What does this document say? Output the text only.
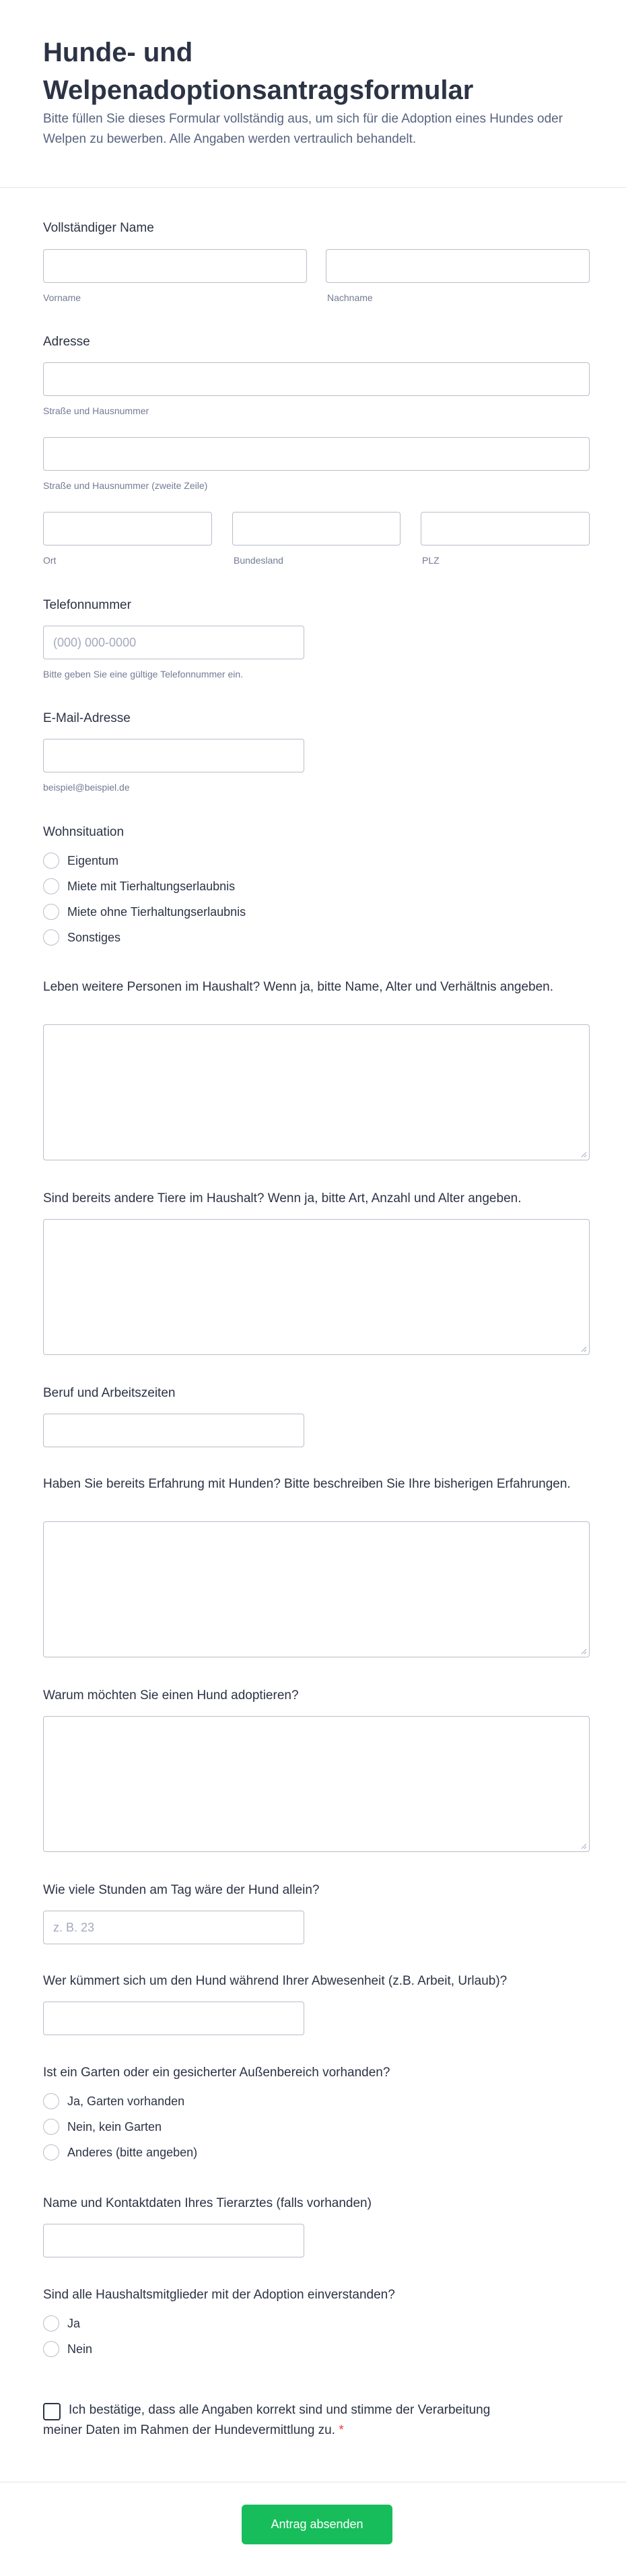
Hunde- und Welpenadoptionsantragsformular

Bitte füllen Sie dieses Formular vollständig aus, um sich für die Adoption eines Hundes oder Welpen zu bewerben. Alle Angaben werden vertraulich behandelt.

Vollständiger Name
Vorname	Nachname
Adresse
Straße und Hausnummer
Straße und Hausnummer (zweite Zeile)
Ort	Bundesland	PLZ
Telefonnummer
(000) 000-0000
Bitte geben Sie eine gültige Telefonnummer ein.
E-Mail-Adresse
beispiel@beispiel.de
Wohnsituation
Eigentum
Miete mit Tierhaltungserlaubnis
Miete ohne Tierhaltungserlaubnis
Sonstiges
Leben weitere Personen im Haushalt? Wenn ja, bitte Name, Alter und Verhältnis angeben.
Sind bereits andere Tiere im Haushalt? Wenn ja, bitte Art, Anzahl und Alter angeben.
Beruf und Arbeitszeiten
Haben Sie bereits Erfahrung mit Hunden? Bitte beschreiben Sie Ihre bisherigen Erfahrungen.
Warum möchten Sie einen Hund adoptieren?
Wie viele Stunden am Tag wäre der Hund allein?
z. B. 23
Wer kümmert sich um den Hund während Ihrer Abwesenheit (z.B. Arbeit, Urlaub)?
Ist ein Garten oder ein gesicherter Außenbereich vorhanden?
Ja, Garten vorhanden
Nein, kein Garten
Anderes (bitte angeben)
Name und Kontaktdaten Ihres Tierarztes (falls vorhanden)
Sind alle Haushaltsmitglieder mit der Adoption einverstanden?
Ja
Nein
Ich bestätige, dass alle Angaben korrekt sind und stimme der Verarbeitung meiner Daten im Rahmen der Hundevermittlung zu. *
Antrag absenden
